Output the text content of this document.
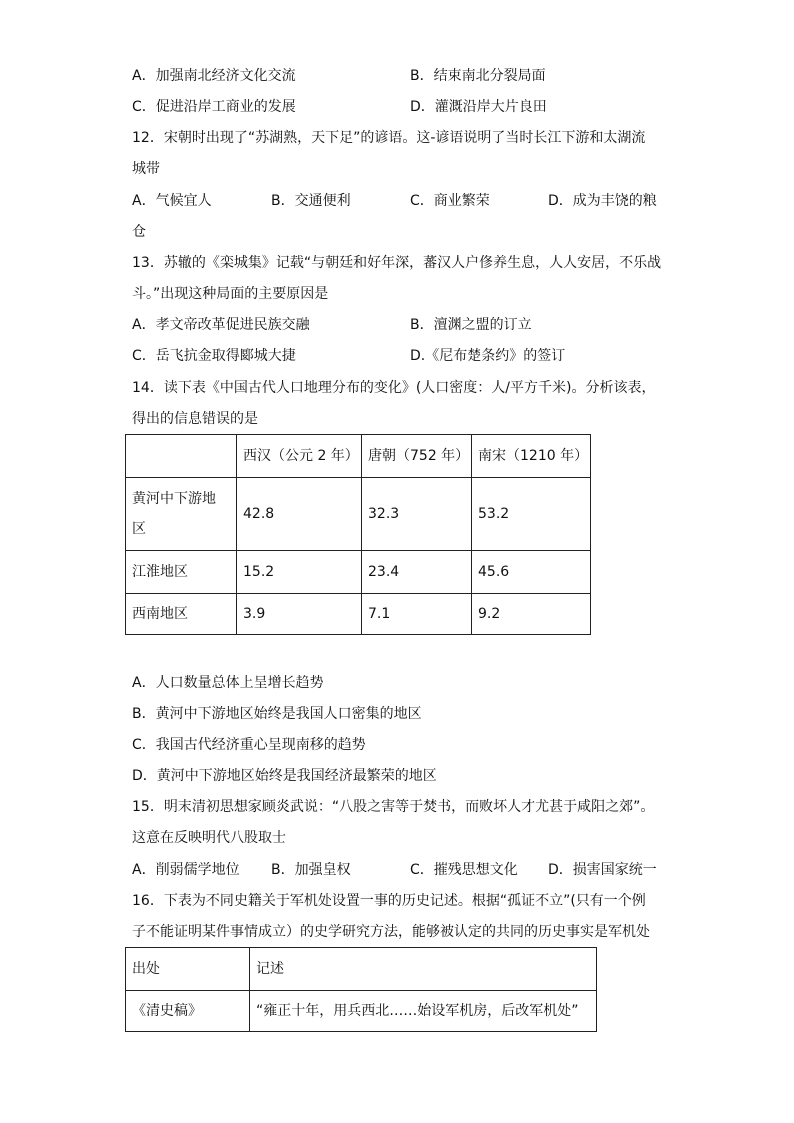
A．加强南北经济文化交流	B．结束南北分裂局面
C．促进沿岸工商业的发展	D．灌溉沿岸大片良田
12．宋朝时出现了“苏湖熟，天下足”的谚语。这-谚语说明了当时长江下游和太湖流
城带
A．气候宜人	B．交通便利	C．商业繁荣	D．成为丰饶的粮
仓
13．苏辙的《栾城集》记载“与朝廷和好年深，蕃汉人户俢养生息，人人安居，不乐战
斗。”出现这种局面的主要原因是
A．孝文帝改革促进民族交融	B．澶渊之盟的订立
C．岳飞抗金取得郾城大捷	D.《尼布楚条约》的签订
14．读下表《中国古代人口地理分布的变化》(人口密度：人/平方千米)。分析该表，
得出的信息错误的是
	西汉（公元 2 年）	唐朝（752 年）	南宋（1210 年）

黄河中下游地
区	42.8	32.3	53.2
江淮地区	15.2	23.4	45.6
西南地区	3.9	7.1	9.2
A．人口数量总体上呈增长趋势
B．黄河中下游地区始终是我国人口密集的地区
C．我国古代经济重心呈现南移的趋势
D．黄河中下游地区始终是我国经济最繁荣的地区
15．明末清初思想家顾炎武说：“八股之害等于焚书，而败坏人才尤甚于咸阳之郊”。
这意在反映明代八股取士
A．削弱儒学地位 B．加强皇权	C．摧残思想文化 D．损害国家统一
16．下表为不同史籍关于军机处设置一事的历史记述。根据“孤证不立”(只有一个例
子不能证明某件事情成立）的史学研究方法，能够被认定的共同的历史事实是军机处
出处	记述
《清史稿》	“雍正十年，用兵西北……始设军机房，后改军机处”
